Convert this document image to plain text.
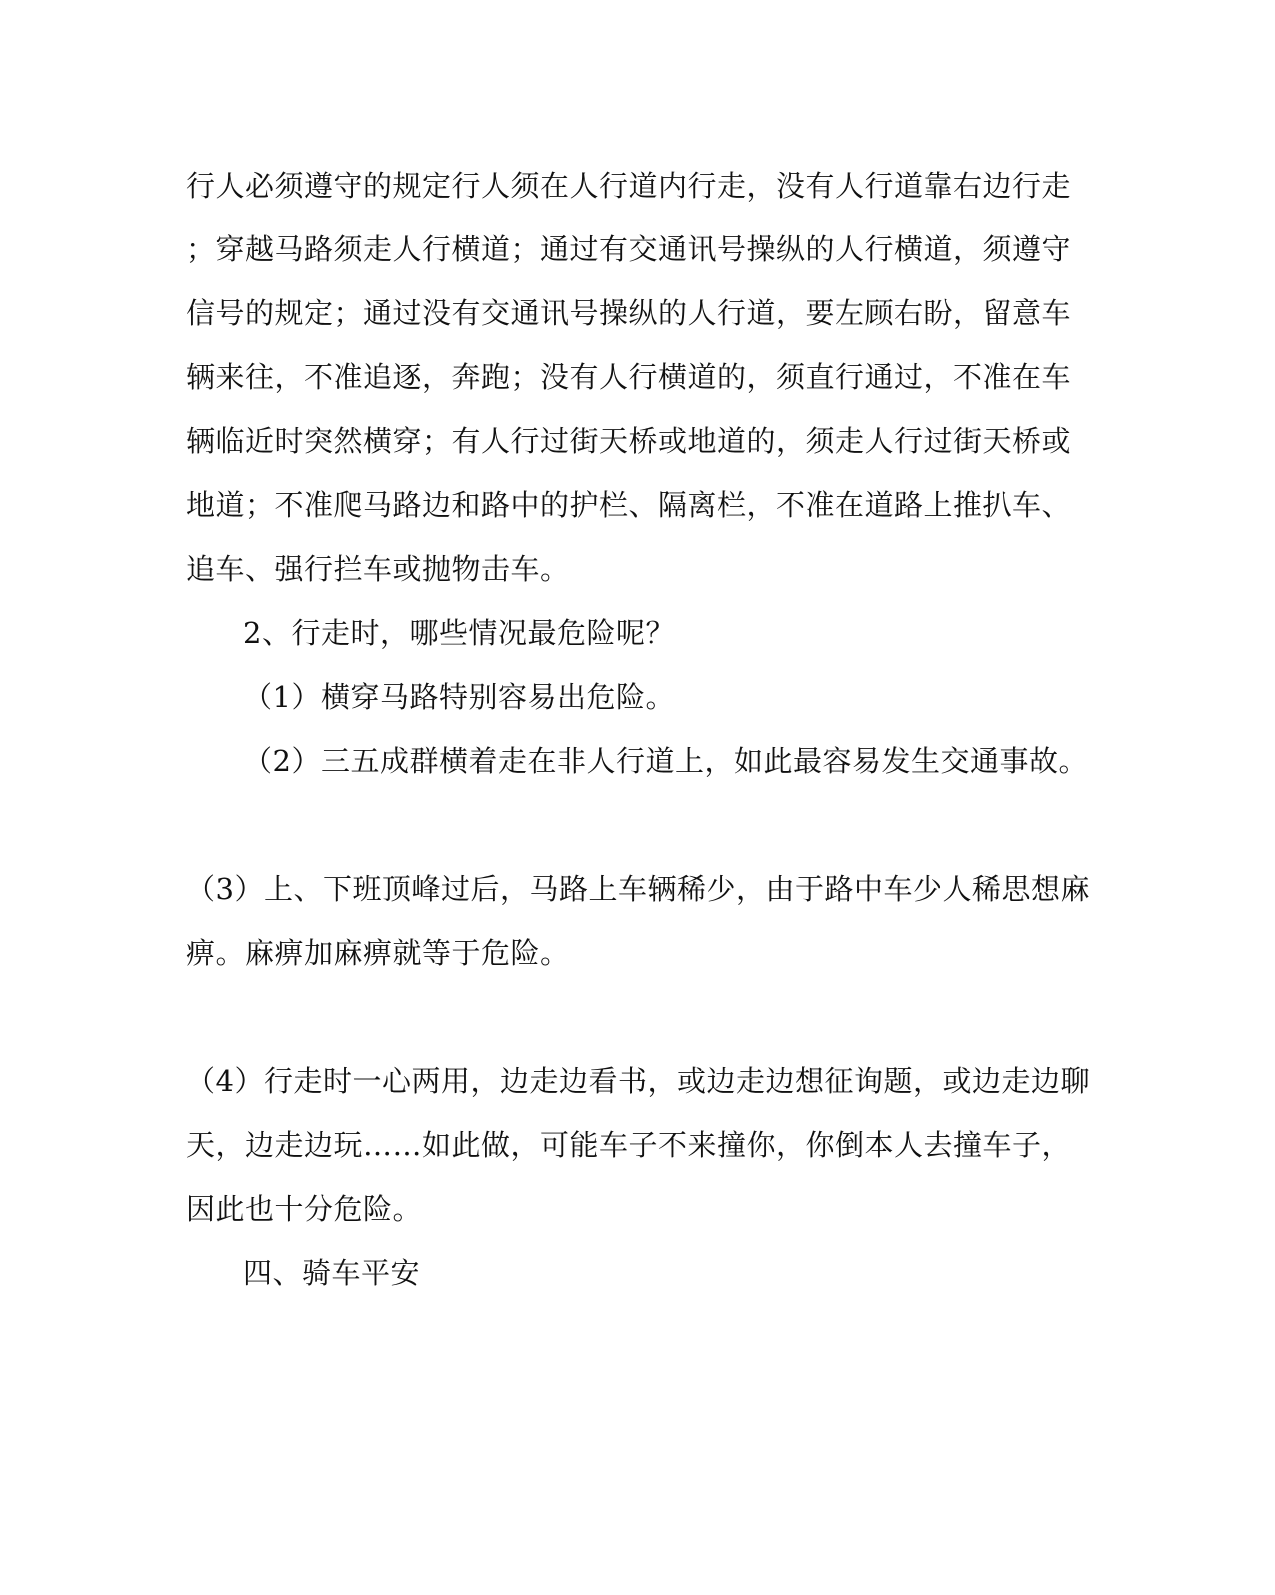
行人必须遵守的规定行人须在人行道内行走，没有人行道靠右边行走
；穿越马路须走人行横道；通过有交通讯号操纵的人行横道，须遵守
信号的规定；通过没有交通讯号操纵的人行道，要左顾右盼，留意车
辆来往，不准追逐，奔跑；没有人行横道的，须直行通过，不准在车
辆临近时突然横穿；有人行过街天桥或地道的，须走人行过街天桥或
地道；不准爬马路边和路中的护栏、隔离栏，不准在道路上推扒车、
追车、强行拦车或抛物击车。
2、行走时，哪些情况最危险呢？
（1）横穿马路特别容易出危险。
（2）三五成群横着走在非人行道上，如此最容易发生交通事故。
（3）上、下班顶峰过后，马路上车辆稀少，由于路中车少人稀思想麻
痹。麻痹加麻痹就等于危险。
（4）行走时一心两用，边走边看书，或边走边想征询题，或边走边聊
天，边走边玩……如此做，可能车子不来撞你，你倒本人去撞车子，
因此也十分危险。
四、骑车平安
